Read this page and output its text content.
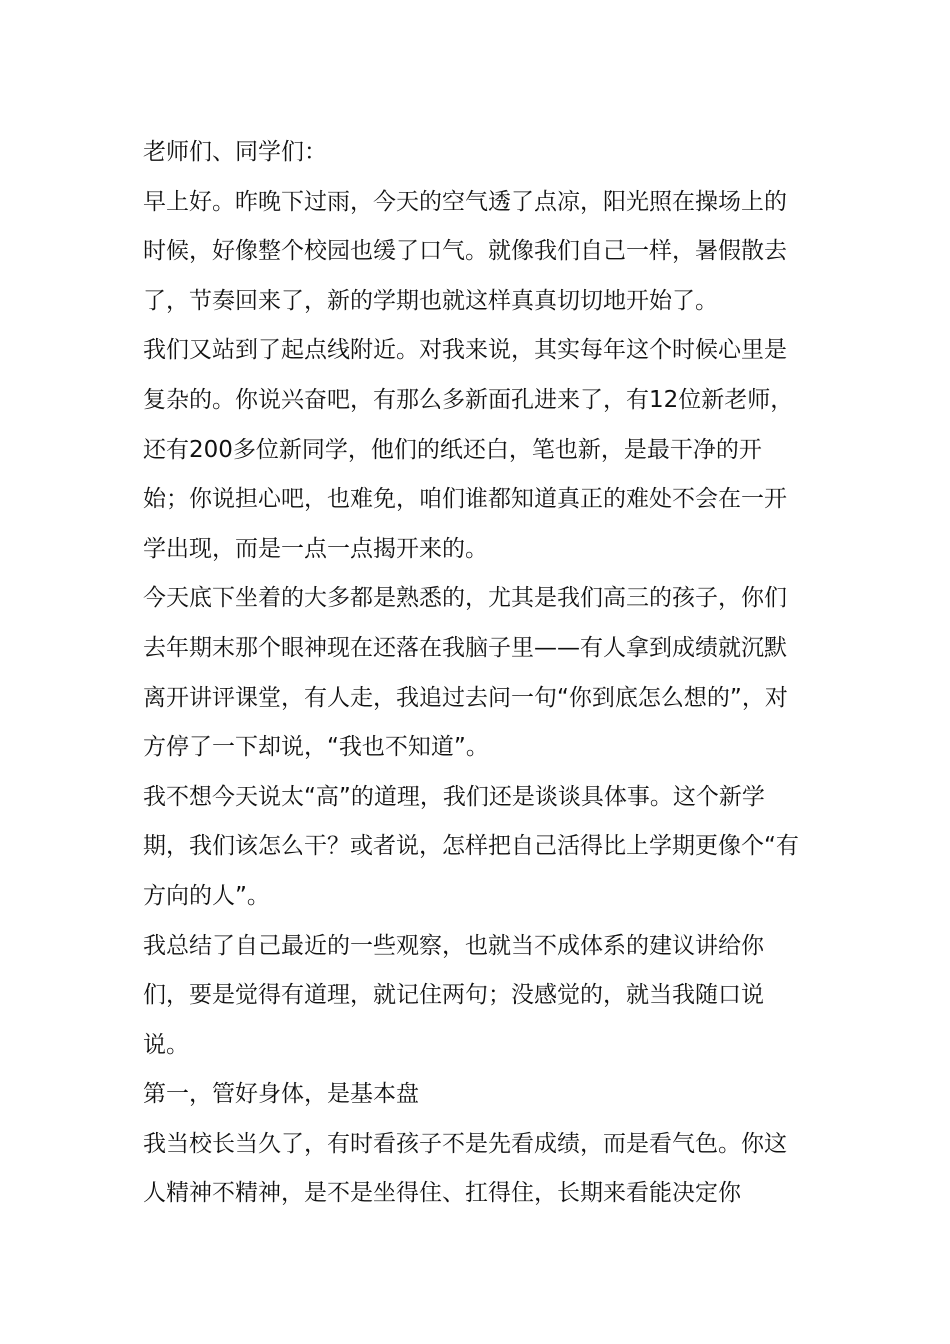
老师们、同学们：

早上好。昨晚下过雨，今天的空气透了点凉，阳光照在操场上的时候，好像整个校园也缓了口气。就像我们自己一样，暑假散去了，节奏回来了，新的学期也就这样真真切切地开始了。

我们又站到了起点线附近。对我来说，其实每年这个时候心里是复杂的。你说兴奋吧，有那么多新面孔进来了，有12位新老师，还有200多位新同学，他们的纸还白，笔也新，是最干净的开始；你说担心吧，也难免，咱们谁都知道真正的难处不会在一开学出现，而是一点一点揭开来的。

今天底下坐着的大多都是熟悉的，尤其是我们高三的孩子，你们去年期末那个眼神现在还落在我脑子里——有人拿到成绩就沉默离开讲评课堂，有人走，我追过去问一句“你到底怎么想的”，对方停了一下却说，“我也不知道”。

我不想今天说太“高”的道理，我们还是谈谈具体事。这个新学期，我们该怎么干？或者说，怎样把自己活得比上学期更像个“有方向的人”。

我总结了自己最近的一些观察，也就当不成体系的建议讲给你们，要是觉得有道理，就记住两句；没感觉的，就当我随口说说。

第一，管好身体，是基本盘

我当校长当久了，有时看孩子不是先看成绩，而是看气色。你这人精神不精神，是不是坐得住、扛得住，长期来看能决定你
